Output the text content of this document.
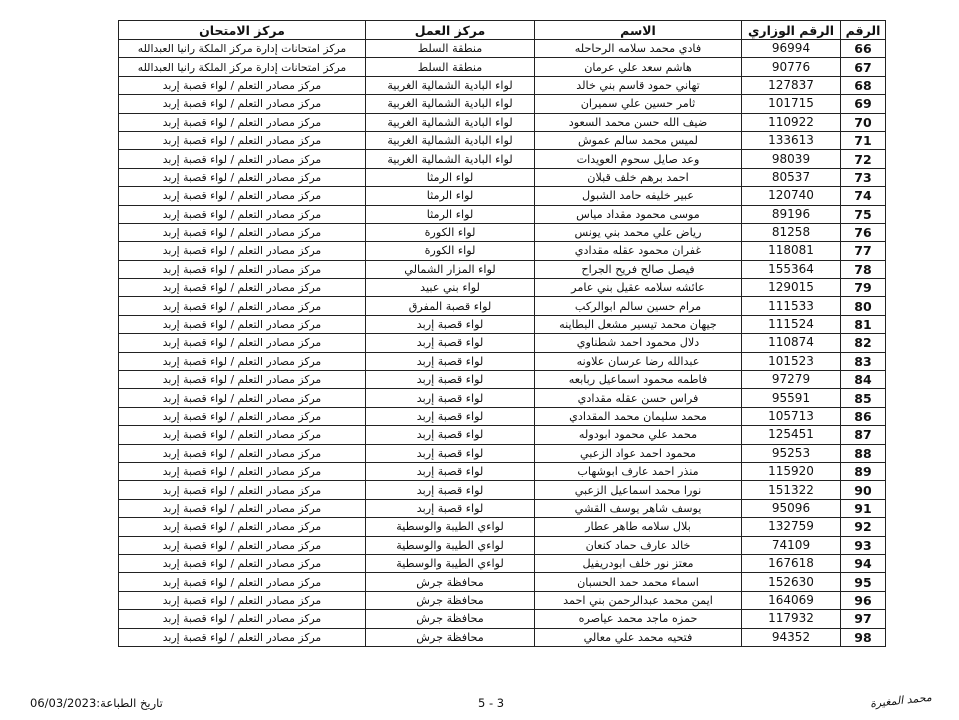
الرقم	الرقم الوزاري	الاسم	مركز العمل	مركز الامتحان
66	96994	فادي محمد سلامه الرحاحله	منطقة السلط	مركز امتحانات إدارة مركز الملكة رانيا العبدالله
67	90776	هاشم سعد علي عرمان	منطقة السلط	مركز امتحانات إدارة مركز الملكة رانيا العبدالله
68	127837	تهاني حمود قاسم بني خالد	لواء البادية الشمالية الغربية	مركز مصادر التعلم / لواء قصبة إربد
69	101715	ثامر حسين علي سميران	لواء البادية الشمالية الغربية	مركز مصادر التعلم / لواء قصبة إربد
70	110922	ضيف الله حسن محمد السعود	لواء البادية الشمالية الغربية	مركز مصادر التعلم / لواء قصبة إربد
71	133613	لميس محمد سالم عموش	لواء البادية الشمالية الغربية	مركز مصادر التعلم / لواء قصبة إربد
72	98039	وعد صايل سحوم العويدات	لواء البادية الشمالية الغربية	مركز مصادر التعلم / لواء قصبة إربد
73	80537	احمد برهم خلف قبلان	لواء الرمثا	مركز مصادر التعلم / لواء قصبة إربد
74	120740	عبير خليفه حامد الشبول	لواء الرمثا	مركز مصادر التعلم / لواء قصبة إربد
75	89196	موسى محمود مقداد مياس	لواء الرمثا	مركز مصادر التعلم / لواء قصبة إربد
76	81258	رياض علي محمد بني يونس	لواء الكورة	مركز مصادر التعلم / لواء قصبة إربد
77	118081	غفران محمود عقله مقدادي	لواء الكورة	مركز مصادر التعلم / لواء قصبة إربد
78	155364	فيصل صالح فريح الجراح	لواء المزار الشمالي	مركز مصادر التعلم / لواء قصبة إربد
79	129015	عائشه سلامه عقيل بني عامر	لواء بني عبيد	مركز مصادر التعلم / لواء قصبة إربد
80	111533	مرام حسين سالم ابوالركب	لواء قصبة المفرق	مركز مصادر التعلم / لواء قصبة إربد
81	111524	جيهان محمد تيسير مشعل البطاينه	لواء قصبة إربد	مركز مصادر التعلم / لواء قصبة إربد
82	110874	دلال محمود احمد شطناوي	لواء قصبة إربد	مركز مصادر التعلم / لواء قصبة إربد
83	101523	عبدالله رضا عرسان علاونه	لواء قصبة إربد	مركز مصادر التعلم / لواء قصبة إربد
84	97279	فاطمه محمود اسماعيل ربابعه	لواء قصبة إربد	مركز مصادر التعلم / لواء قصبة إربد
85	95591	فراس حسن عقله مقدادي	لواء قصبة إربد	مركز مصادر التعلم / لواء قصبة إربد
86	105713	محمد سليمان محمد المقدادي	لواء قصبة إربد	مركز مصادر التعلم / لواء قصبة إربد
87	125451	محمد علي محمود ابودوله	لواء قصبة إربد	مركز مصادر التعلم / لواء قصبة إربد
88	95253	محمود احمد عواد الزعبي	لواء قصبة إربد	مركز مصادر التعلم / لواء قصبة إربد
89	115920	منذر احمد عارف ابوشهاب	لواء قصبة إربد	مركز مصادر التعلم / لواء قصبة إربد
90	151322	نورا محمد اسماعيل الزعبي	لواء قصبة إربد	مركز مصادر التعلم / لواء قصبة إربد
91	95096	يوسف شاهر يوسف القشي	لواء قصبة إربد	مركز مصادر التعلم / لواء قصبة إربد
92	132759	بلال سلامه طاهر عطار	لواءي الطيبة والوسطية	مركز مصادر التعلم / لواء قصبة إربد
93	74109	خالد عارف حماد كنعان	لواءي الطيبة والوسطية	مركز مصادر التعلم / لواء قصبة إربد
94	167618	معتز نور خلف ابودريفيل	لواءي الطيبة والوسطية	مركز مصادر التعلم / لواء قصبة إربد
95	152630	اسماء محمد حمد الحسبان	محافظة جرش	مركز مصادر التعلم / لواء قصبة إربد
96	164069	ايمن محمد عبدالرحمن بني احمد	محافظة جرش	مركز مصادر التعلم / لواء قصبة إربد
97	117932	حمزه ماجد محمد عياصره	محافظة جرش	مركز مصادر التعلم / لواء قصبة إربد
98	94352	فتحيه محمد علي معالي	محافظة جرش	مركز مصادر التعلم / لواء قصبة إربد
تاريخ الطباعة:06/03/2023	5 - 3	محمد المغيرة
